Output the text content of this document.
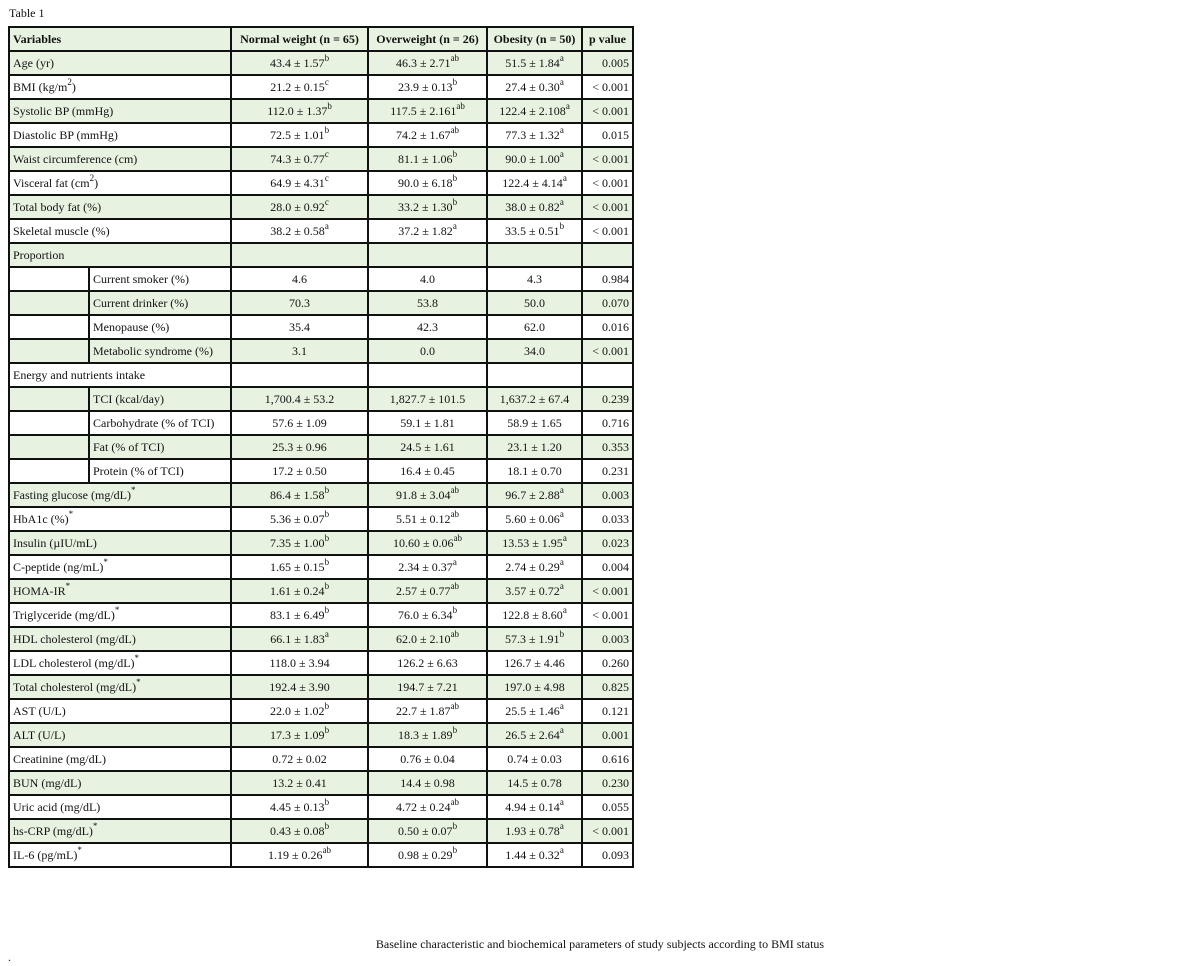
Table 1
Variables		Normal weight (n = 65)	Overweight (n = 26)	Obesity (n = 50)	p value
Age (yr)		43.4 ± 1.57$^b$	46.3 ± 2.71$^{ab}$	51.5 ± 1.84$^a$	0.005
BMI $(kg/m^2)$		21.2 ± 0.15$^c$	23.9 ± 0.13$^b$	27.4 ± 0.30$^a$	< 0.001
Systolic BP (mmHg)		112.0 ± 1.37$^b$	117.5 ± 2.161$^{ab}$	122.4 ± 2.108$^a$	< 0.001
Diastolic BP (mmHg)		72.5 ± 1.01$^b$	74.2 ± 1.67$^{ab}$	77.3 ± 1.32$^a$	0.015
Waist circumference (cm)		74.3 ± 0.77$^c$	81.1 ± 1.06$^b$	90.0 ± 1.00$^a$	< 0.001
Visceral fat $(cm^2)$		64.9 ± 4.31$^c$	90.0 ± 6.18$^b$	122.4 ± 4.14$^a$	< 0.001
Total body fat (%)		28.0 ± 0.92$^c$	33.2 ± 1.30$^b$	38.0 ± 0.82$^a$	< 0.001
Skeletal muscle (%)		38.2 ± 0.58$^a$	37.2 ± 1.82$^a$	33.5 ± 0.51$^b$	< 0.001
Proportion					
	Current smoker (%)	4.6	4.0	4.3	0.984
	Current drinker (%)	70.3	53.8	50.0	0.070
	Menopause (%)	35.4	42.3	62.0	0.016
	Metabolic syndrome (%)	3.1	0.0	34.0	< 0.001
Energy and nutrients intake					
	TCI (kcal/day)	1,700.4 ± 53.2	1,827.7 ± 101.5	1,637.2 ± 67.4	0.239
	Carbohydrate (% of TCI)	57.6 ± 1.09	59.1 ± 1.81	58.9 ± 1.65	0.716
	Fat (% of TCI)	25.3 ± 0.96	24.5 ± 1.61	23.1 ± 1.20	0.353
	Protein (% of TCI)	17.2 ± 0.50	16.4 ± 0.45	18.1 ± 0.70	0.231
Fasting glucose (mg/dL)*		86.4 ± 1.58$^b$	91.8 ± 3.04$^{ab}$	96.7 ± 2.88$^a$	0.003
HbA1c (%)*		5.36 ± 0.07$^b$	5.51 ± 0.12$^{ab}$	5.60 ± 0.06$^a$	0.033
Insulin (µIU/mL)		7.35 ± 1.00$^b$	10.60 ± 0.06$^{ab}$	13.53 ± 1.95$^a$	0.023
C-peptide (ng/mL)*		1.65 ± 0.15$^b$	2.34 ± 0.37$^a$	2.74 ± 0.29$^a$	0.004
HOMA-IR*		1.61 ± 0.24$^b$	2.57 ± 0.77$^{ab}$	3.57 ± 0.72$^a$	< 0.001
Triglyceride (mg/dL)*		83.1 ± 6.49$^b$	76.0 ± 6.34$^b$	122.8 ± 8.60$^a$	< 0.001
HDL cholesterol (mg/dL)		66.1 ± 1.83$^a$	62.0 ± 2.10$^{ab}$	57.3 ± 1.91$^b$	0.003
LDL cholesterol (mg/dL)*		118.0 ± 3.94	126.2 ± 6.63	126.7 ± 4.46	0.260
Total cholesterol (mg/dL)*		192.4 ± 3.90	194.7 ± 7.21	197.0 ± 4.98	0.825
AST (U/L)		22.0 ± 1.02$^b$	22.7 ± 1.87$^{ab}$	25.5 ± 1.46$^a$	0.121
ALT (U/L)		17.3 ± 1.09$^b$	18.3 ± 1.89$^b$	26.5 ± 2.64$^a$	0.001
Creatinine (mg/dL)		0.72 ± 0.02	0.76 ± 0.04	0.74 ± 0.03	0.616
BUN (mg/dL)		13.2 ± 0.41	14.4 ± 0.98	14.5 ± 0.78	0.230
Uric acid (mg/dL)		4.45 ± 0.13$^b$	4.72 ± 0.24$^{ab}$	4.94 ± 0.14$^a$	0.055
hs-CRP (mg/dL)*		0.43 ± 0.08$^b$	0.50 ± 0.07$^b$	1.93 ± 0.78$^a$	< 0.001
IL-6 (pg/mL)*		1.19 ± 0.26$^{ab}$	0.98 ± 0.29$^b$	1.44 ± 0.32$^a$	0.093
Baseline characteristic and biochemical parameters of study subjects according to BMI status
.
